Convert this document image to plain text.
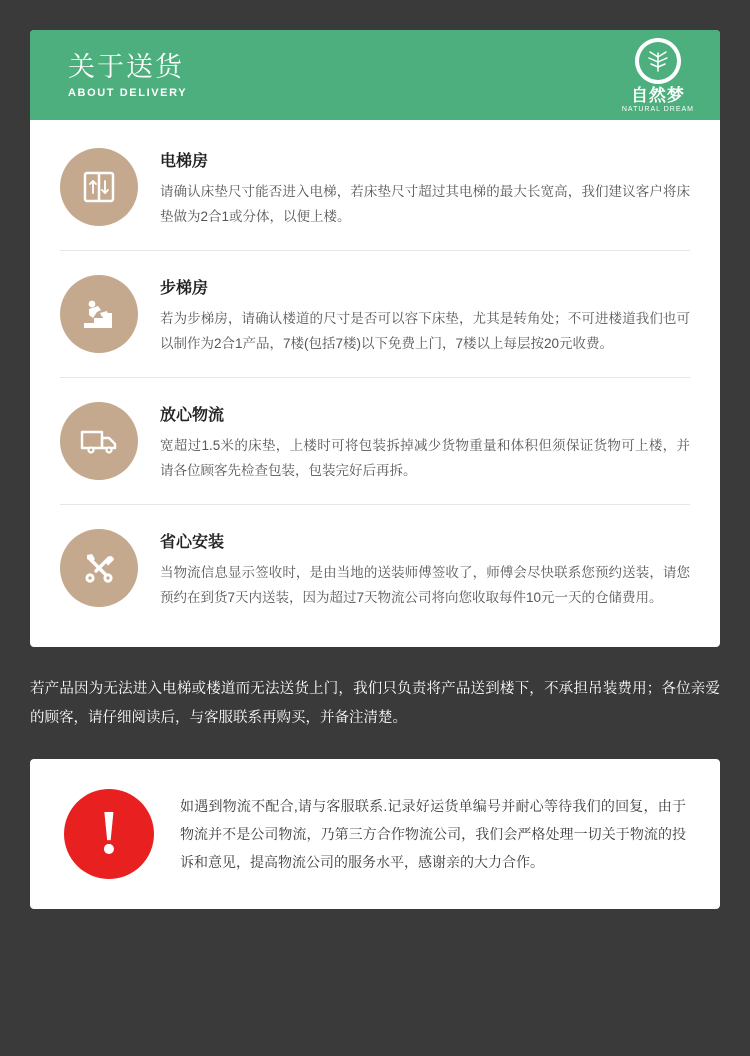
关于送货
ABOUT DELIVERY	自然梦
NATURAL DREAM
电梯房
请确认床垫尺寸能否进入电梯，若床垫尺寸超过其电梯的最大长宽高，我们建议客户将床垫做为2合1或分体，以便上楼。
步梯房
若为步梯房，请确认楼道的尺寸是否可以容下床垫，尤其是转角处；不可进楼道我们也可以制作为2合1产品，7楼(包括7楼)以下免费上门，7楼以上每层按20元收费。
放心物流
宽超过1.5米的床垫，上楼时可将包装拆掉减少货物重量和体积但须保证货物可上楼，并请各位顾客先检查包装，包装完好后再拆。
省心安装
当物流信息显示签收时，是由当地的送装师傅签收了，师傅会尽快联系您预约送装，请您预约在到货7天内送装，因为超过7天物流公司将向您收取每件10元一天的仓储费用。
若产品因为无法进入电梯或楼道而无法送货上门，我们只负责将产品送到楼下，不承担吊装费用；各位亲爱的顾客，请仔细阅读后，与客服联系再购买，并备注清楚。
!	如遇到物流不配合,请与客服联系.记录好运货单编号并耐心等待我们的回复，由于物流并不是公司物流，乃第三方合作物流公司，我们会严格处理一切关于物流的投诉和意见，提高物流公司的服务水平，感谢亲的大力合作。
